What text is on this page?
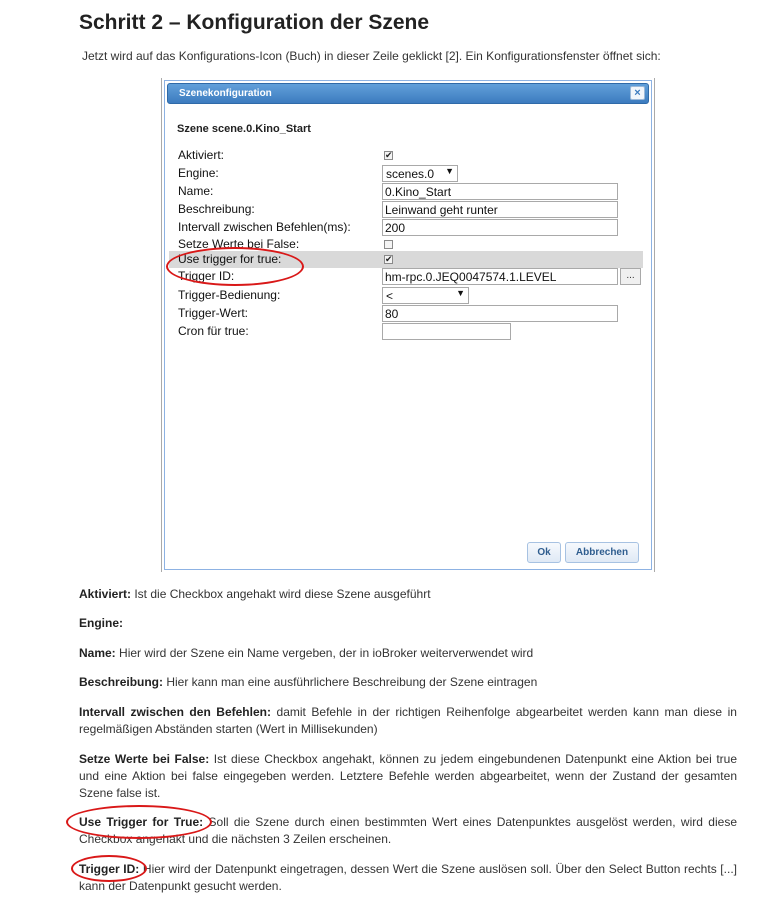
Schritt 2 – Konfiguration der Szene
Jetzt wird auf das Konfigurations-Icon (Buch) in dieser Zeile geklickt [2]. Ein Konfigurationsfenster öffnet sich:
Szenekonfiguration	×
Szene scene.0.Kino_Start
Aktiviert:	✔
Engine:	scenes.0 ▼
Name:	0.Kino_Start
Beschreibung:	Leinwand geht runter
Intervall zwischen Befehlen(ms):	200
Setze Werte bei False:
Use trigger for true:	✔
Trigger ID:	hm-rpc.0.JEQ0047574.1.LEVEL	...
Trigger-Bedienung:	<	▼
Trigger-Wert:	80
Cron für true:
Ok	Abbrechen
Aktiviert: Ist die Checkbox angehakt wird diese Szene ausgeführt
Engine:
Name: Hier wird der Szene ein Name vergeben, der in ioBroker weiterverwendet wird
Beschreibung: Hier kann man eine ausführlichere Beschreibung der Szene eintragen
Intervall zwischen den Befehlen: damit Befehle in der richtigen Reihenfolge abgearbeitet werden kann man diese in regelmäßigen Abständen starten (Wert in Millisekunden)
Setze Werte bei False: Ist diese Checkbox angehakt, können zu jedem eingebundenen Datenpunkt eine Aktion bei true und eine Aktion bei false eingegeben werden. Letztere Befehle werden abgearbeitet, wenn der Zustand der gesamten Szene false ist.
Use Trigger for True: Soll die Szene durch einen bestimmten Wert eines Datenpunktes ausgelöst werden, wird diese Checkbox angehakt und die nächsten 3 Zeilen erscheinen.
Trigger ID: Hier wird der Datenpunkt eingetragen, dessen Wert die Szene auslösen soll. Über den Select Button rechts [...] kann der Datenpunkt gesucht werden.
